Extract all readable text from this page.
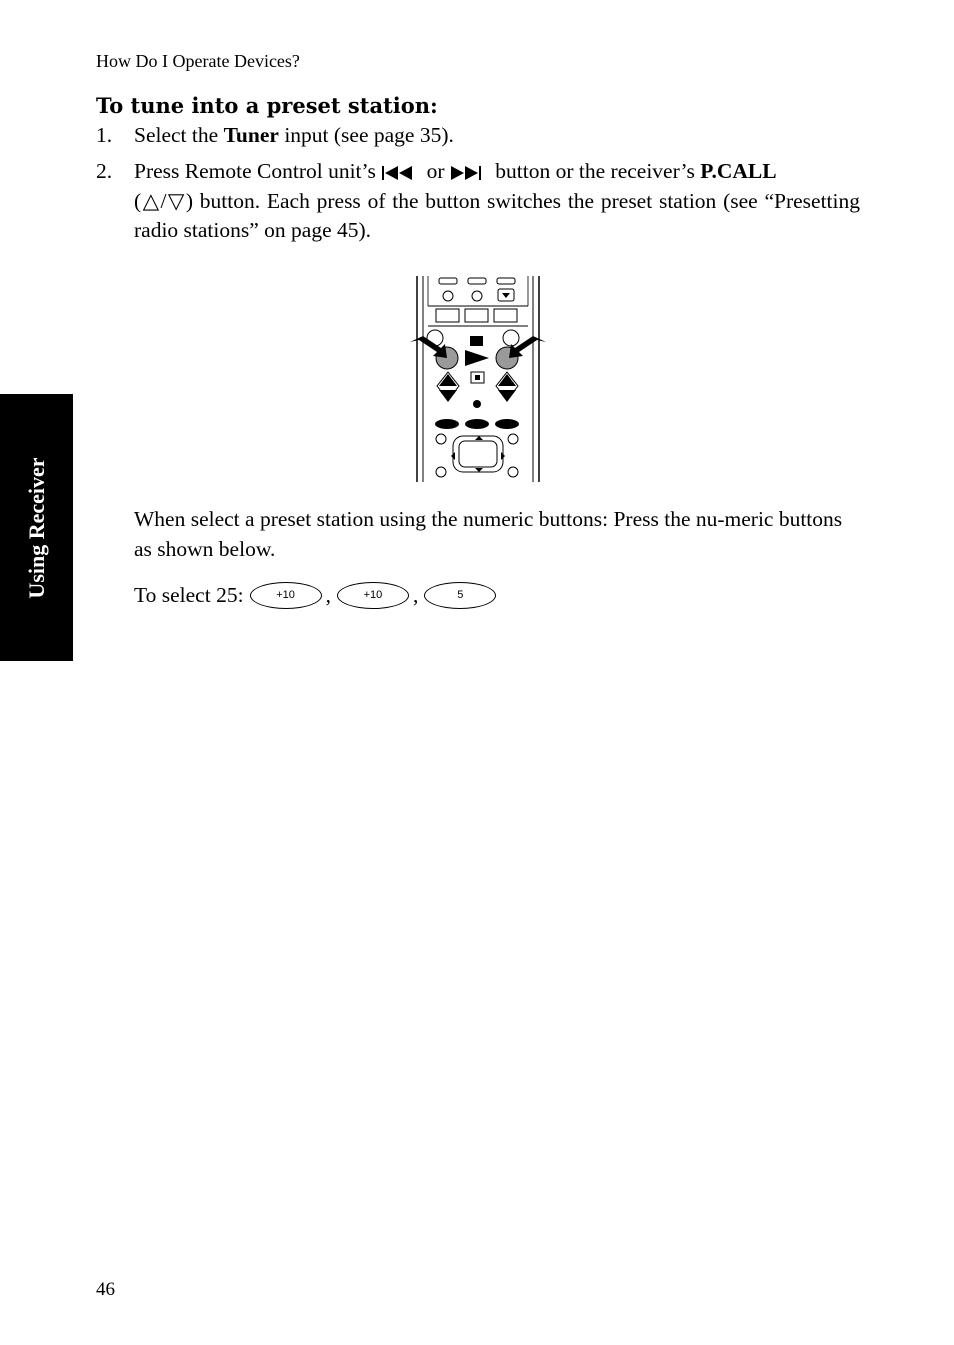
How Do I Operate Devices?
Using Receiver
To tune into a preset station:
1.	Select the Tuner input (see page 35).
2.	Press Remote Control unit’s  or  button or the receiver’s P.CALL
(△/▽) button. Each press of the button switches the preset station (see “Presetting radio stations” on page 45).
When select a preset station using the numeric buttons: Press the nu-meric buttons as shown below.
To select 25:	+10	,	+10	,	5
46
